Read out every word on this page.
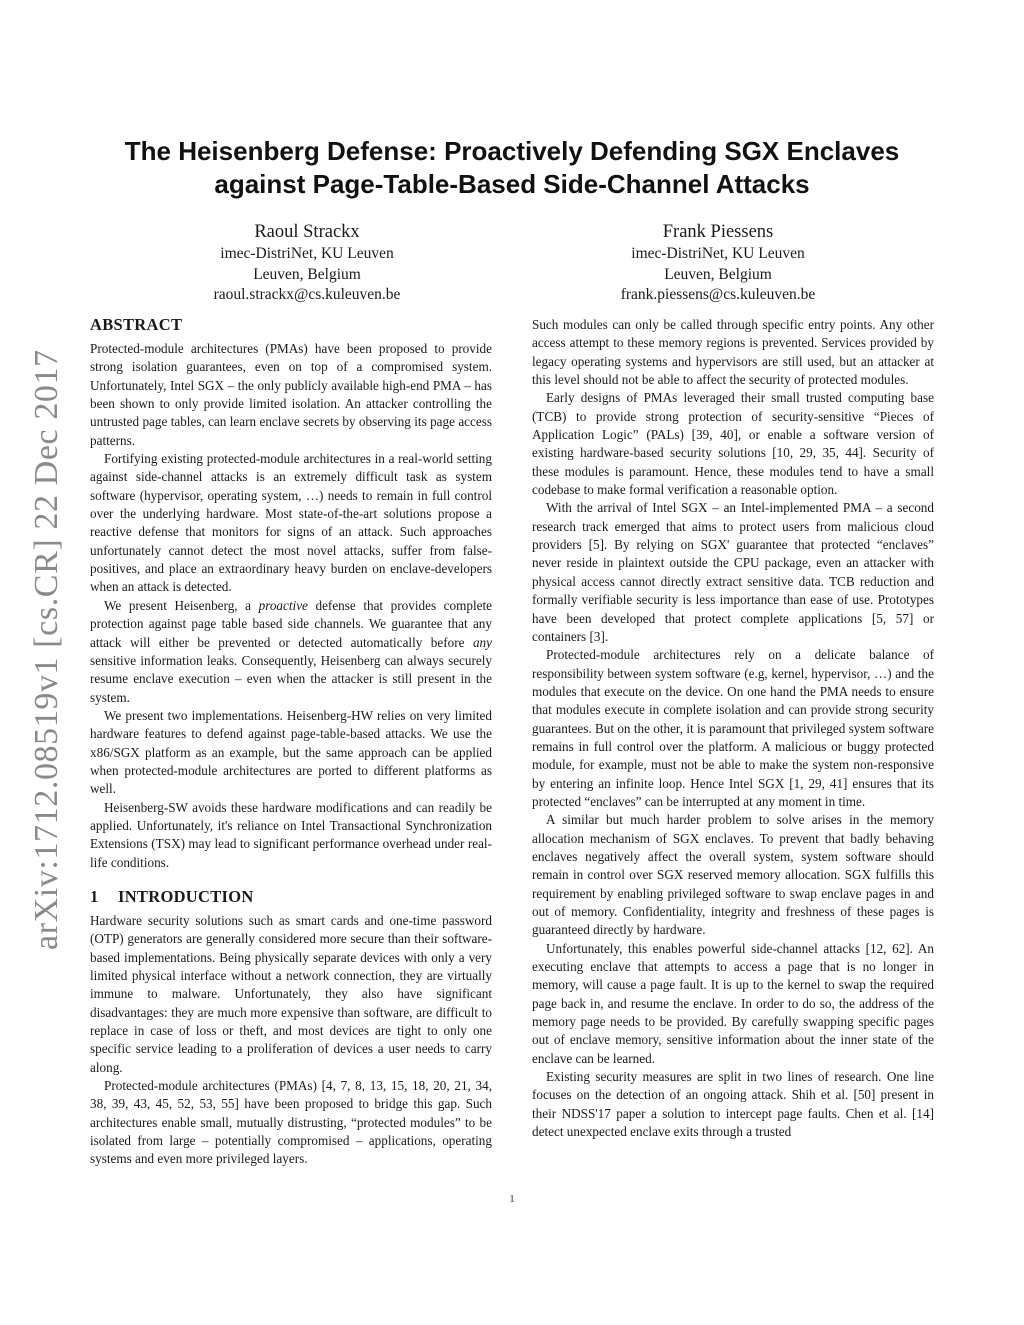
The Heisenberg Defense: Proactively Defending SGX Enclaves
against Page-Table-Based Side-Channel Attacks
Raoul Strackx
imec-DistriNet, KU Leuven
Leuven, Belgium
raoul.strackx@cs.kuleuven.be
Frank Piessens
imec-DistriNet, KU Leuven
Leuven, Belgium
frank.piessens@cs.kuleuven.be
arXiv:1712.08519v1 [cs.CR] 22 Dec 2017
ABSTRACT

Protected-module architectures (PMAs) have been proposed to provide strong isolation guarantees, even on top of a compromised system. Unfortunately, Intel SGX – the only publicly available high-end PMA – has been shown to only provide limited isolation. An attacker controlling the untrusted page tables, can learn enclave secrets by observing its page access patterns.

Fortifying existing protected-module architectures in a real-world setting against side-channel attacks is an extremely difficult task as system software (hypervisor, operating system, …) needs to remain in full control over the underlying hardware. Most state-of-the-art solutions propose a reactive defense that monitors for signs of an attack. Such approaches unfortunately cannot detect the most novel attacks, suffer from false-positives, and place an extraordinary heavy burden on enclave-developers when an attack is detected.

We present Heisenberg, a proactive defense that provides complete protection against page table based side channels. We guarantee that any attack will either be prevented or detected automatically before any sensitive information leaks. Consequently, Heisenberg can always securely resume enclave execution – even when the attacker is still present in the system.

We present two implementations. Heisenberg-HW relies on very limited hardware features to defend against page-table-based attacks. We use the x86/SGX platform as an example, but the same approach can be applied when protected-module architectures are ported to different platforms as well.

Heisenberg-SW avoids these hardware modifications and can readily be applied. Unfortunately, it's reliance on Intel Transactional Synchronization Extensions (TSX) may lead to significant performance overhead under real-life conditions.

1 INTRODUCTION

Hardware security solutions such as smart cards and one-time password (OTP) generators are generally considered more secure than their software-based implementations. Being physically separate devices with only a very limited physical interface without a network connection, they are virtually immune to malware. Unfortunately, they also have significant disadvantages: they are much more expensive than software, are difficult to replace in case of loss or theft, and most devices are tight to only one specific service leading to a proliferation of devices a user needs to carry along.

Protected-module architectures (PMAs) [4, 7, 8, 13, 15, 18, 20, 21, 34, 38, 39, 43, 45, 52, 53, 55] have been proposed to bridge this gap. Such architectures enable small, mutually distrusting, “protected modules” to be isolated from large – potentially compromised – applications, operating systems and even more privileged layers.

Such modules can only be called through specific entry points. Any other access attempt to these memory regions is prevented. Services provided by legacy operating systems and hypervisors are still used, but an attacker at this level should not be able to affect the security of protected modules.

Early designs of PMAs leveraged their small trusted computing base (TCB) to provide strong protection of security-sensitive “Pieces of Application Logic” (PALs) [39, 40], or enable a software version of existing hardware-based security solutions [10, 29, 35, 44]. Security of these modules is paramount. Hence, these modules tend to have a small codebase to make formal verification a reasonable option.

With the arrival of Intel SGX – an Intel-implemented PMA – a second research track emerged that aims to protect users from malicious cloud providers [5]. By relying on SGX' guarantee that protected “enclaves” never reside in plaintext outside the CPU package, even an attacker with physical access cannot directly extract sensitive data. TCB reduction and formally verifiable security is less importance than ease of use. Prototypes have been developed that protect complete applications [5, 57] or containers [3].

Protected-module architectures rely on a delicate balance of responsibility between system software (e.g, kernel, hypervisor, …) and the modules that execute on the device. On one hand the PMA needs to ensure that modules execute in complete isolation and can provide strong security guarantees. But on the other, it is paramount that privileged system software remains in full control over the platform. A malicious or buggy protected module, for example, must not be able to make the system non-responsive by entering an infinite loop. Hence Intel SGX [1, 29, 41] ensures that its protected “enclaves” can be interrupted at any moment in time.

A similar but much harder problem to solve arises in the memory allocation mechanism of SGX enclaves. To prevent that badly behaving enclaves negatively affect the overall system, system software should remain in control over SGX reserved memory allocation. SGX fulfills this requirement by enabling privileged software to swap enclave pages in and out of memory. Confidentiality, integrity and freshness of these pages is guaranteed directly by hardware.

Unfortunately, this enables powerful side-channel attacks [12, 62]. An executing enclave that attempts to access a page that is no longer in memory, will cause a page fault. It is up to the kernel to swap the required page back in, and resume the enclave. In order to do so, the address of the memory page needs to be provided. By carefully swapping specific pages out of enclave memory, sensitive information about the inner state of the enclave can be learned.

Existing security measures are split in two lines of research. One line focuses on the detection of an ongoing attack. Shih et al. [50] present in their NDSS'17 paper a solution to intercept page faults. Chen et al. [14] detect unexpected enclave exits through a trusted

1
